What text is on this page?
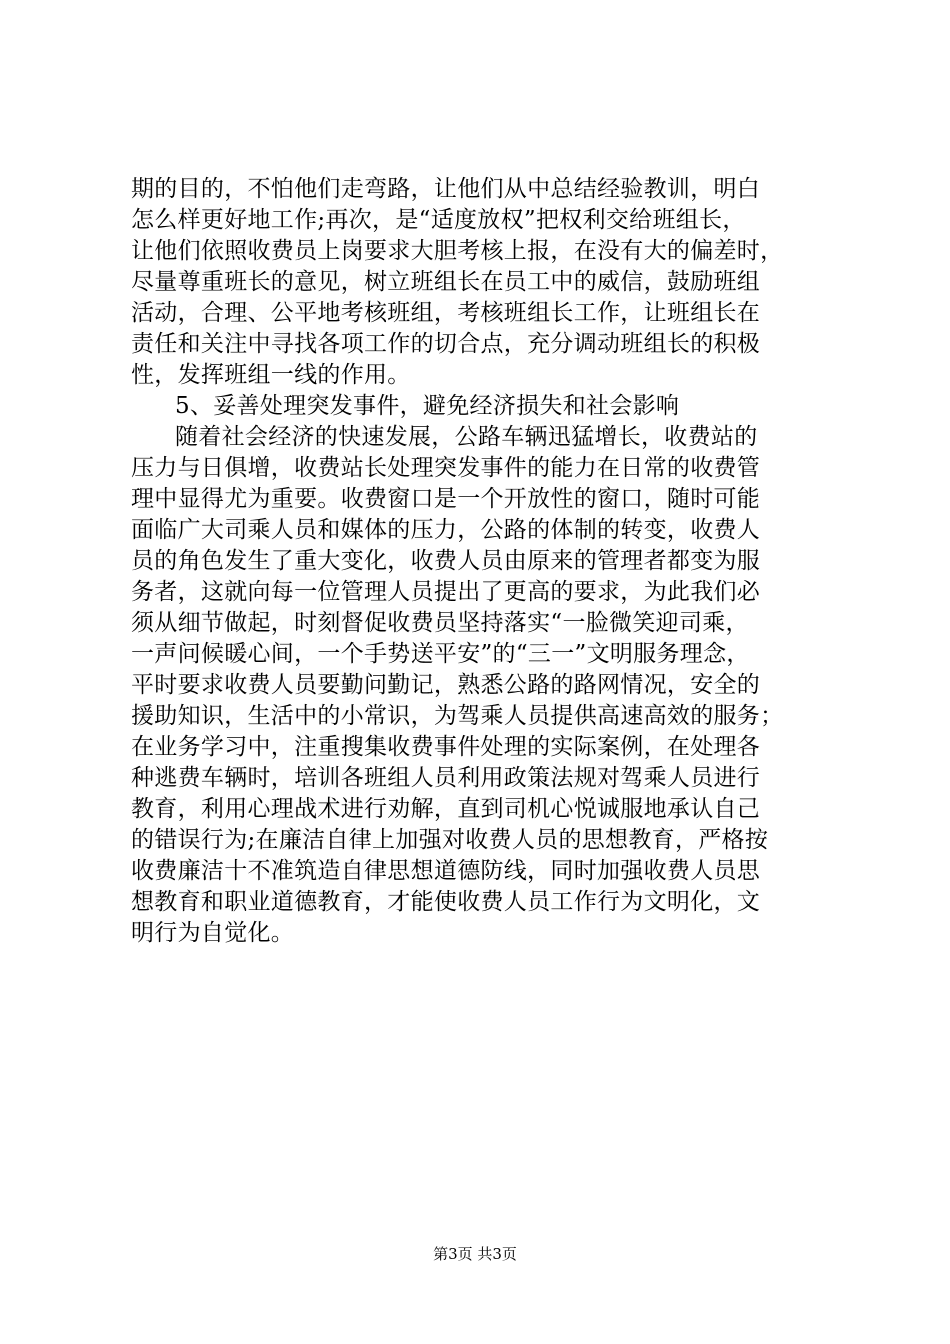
期的目的，不怕他们走弯路，让他们从中总结经验教训，明白
怎么样更好地工作;再次，是“适度放权”把权利交给班组长，
让他们依照收费员上岗要求大胆考核上报，在没有大的偏差时，
尽量尊重班长的意见，树立班组长在员工中的威信，鼓励班组
活动，合理、公平地考核班组，考核班组长工作，让班组长在
责任和关注中寻找各项工作的切合点，充分调动班组长的积极
性，发挥班组一线的作用。
5、妥善处理突发事件，避免经济损失和社会影响
随着社会经济的快速发展，公路车辆迅猛增长，收费站的
压力与日俱增，收费站长处理突发事件的能力在日常的收费管
理中显得尤为重要。收费窗口是一个开放性的窗口，随时可能
面临广大司乘人员和媒体的压力，公路的体制的转变，收费人
员的角色发生了重大变化，收费人员由原来的管理者都变为服
务者，这就向每一位管理人员提出了更高的要求，为此我们必
须从细节做起，时刻督促收费员坚持落实“一脸微笑迎司乘，
一声问候暖心间，一个手势送平安”的“三一”文明服务理念，
平时要求收费人员要勤问勤记，熟悉公路的路网情况，安全的
援助知识，生活中的小常识，为驾乘人员提供高速高效的服务；
在业务学习中，注重搜集收费事件处理的实际案例，在处理各
种逃费车辆时，培训各班组人员利用政策法规对驾乘人员进行
教育，利用心理战术进行劝解，直到司机心悦诚服地承认自己
的错误行为;在廉洁自律上加强对收费人员的思想教育，严格按
收费廉洁十不准筑造自律思想道德防线，同时加强收费人员思
想教育和职业道德教育，才能使收费人员工作行为文明化，文
明行为自觉化。
第3页 共3页
